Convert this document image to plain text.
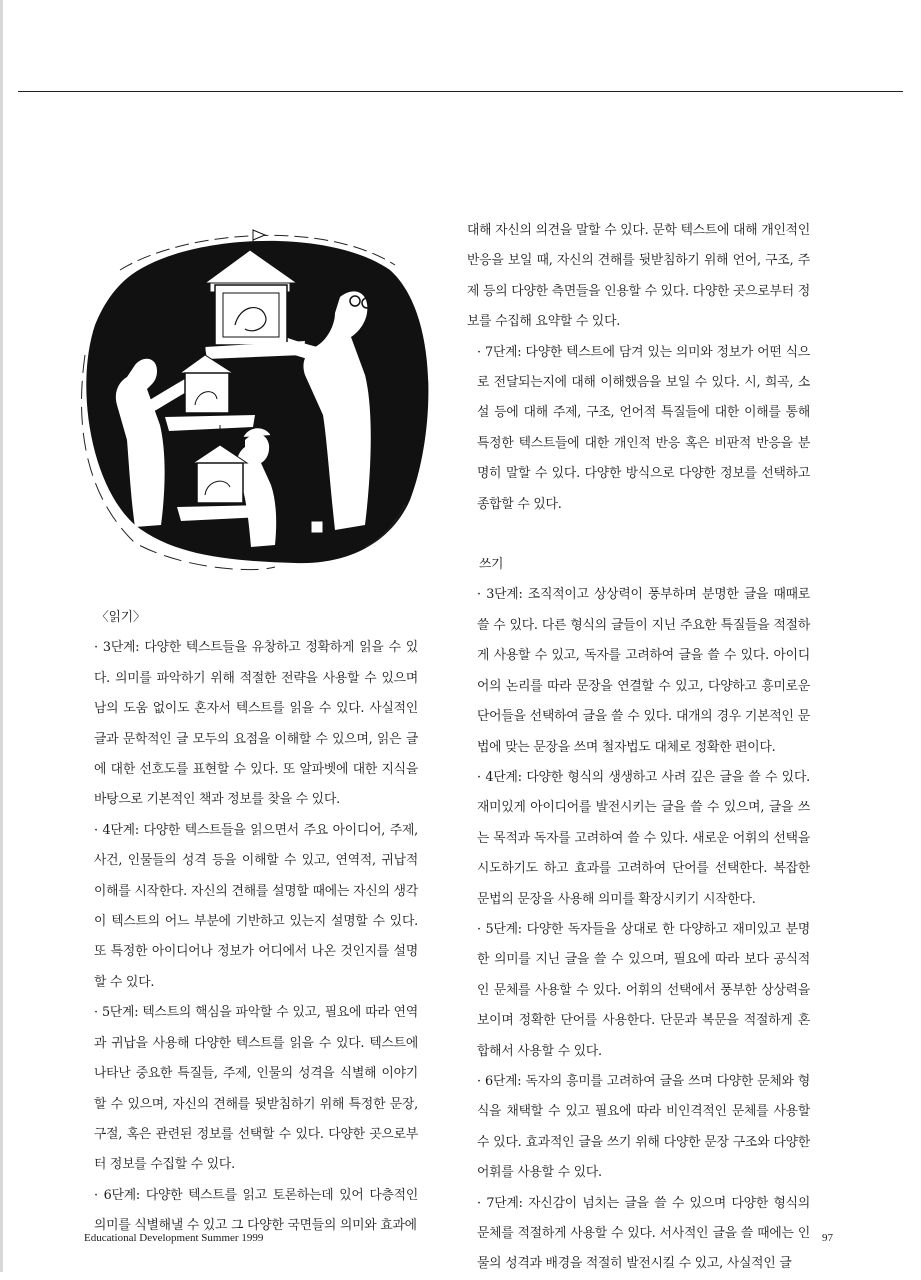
〈읽기〉

· 3단계: 다양한 텍스트들을 유창하고 정확하게 읽을 수 있다. 의미를 파악하기 위해 적절한 전략을 사용할 수 있으며 남의 도움 없이도 혼자서 텍스트를 읽을 수 있다. 사실적인 글과 문학적인 글 모두의 요점을 이해할 수 있으며, 읽은 글에 대한 선호도를 표현할 수 있다. 또 알파벳에 대한 지식을 바탕으로 기본적인 책과 정보를 찾을 수 있다.

· 4단계: 다양한 텍스트들을 읽으면서 주요 아이디어, 주제, 사건, 인물들의 성격 등을 이해할 수 있고, 연역적, 귀납적 이해를 시작한다. 자신의 견해를 설명할 때에는 자신의 생각이 텍스트의 어느 부분에 기반하고 있는지 설명할 수 있다. 또 특정한 아이디어나 정보가 어디에서 나온 것인지를 설명할 수 있다.

· 5단계: 텍스트의 핵심을 파악할 수 있고, 필요에 따라 연역과 귀납을 사용해 다양한 텍스트를 읽을 수 있다. 텍스트에 나타난 중요한 특질들, 주제, 인물의 성격을 식별해 이야기할 수 있으며, 자신의 견해를 뒷받침하기 위해 특정한 문장, 구절, 혹은 관련된 정보를 선택할 수 있다. 다양한 곳으로부터 정보를 수집할 수 있다.

· 6단계: 다양한 텍스트를 읽고 토론하는데 있어 다층적인 의미를 식별해낼 수 있고 그 다양한 국면들의 의미와 효과에

대해 자신의 의견을 말할 수 있다. 문학 텍스트에 대해 개인적인 반응을 보일 때, 자신의 견해를 뒷받침하기 위해 언어, 구조, 주제 등의 다양한 측면들을 인용할 수 있다. 다양한 곳으로부터 정보를 수집해 요약할 수 있다.

· 7단계: 다양한 텍스트에 담겨 있는 의미와 정보가 어떤 식으로 전달되는지에 대해 이해했음을 보일 수 있다. 시, 희곡, 소설 등에 대해 주제, 구조, 언어적 특질들에 대한 이해를 통해 특정한 텍스트들에 대한 개인적 반응 혹은 비판적 반응을 분명히 말할 수 있다. 다양한 방식으로 다양한 정보를 선택하고 종합할 수 있다.

쓰기

· 3단계: 조직적이고 상상력이 풍부하며 분명한 글을 때때로 쓸 수 있다. 다른 형식의 글들이 지닌 주요한 특질들을 적절하게 사용할 수 있고, 독자를 고려하여 글을 쓸 수 있다. 아이디어의 논리를 따라 문장을 연결할 수 있고, 다양하고 흥미로운 단어들을 선택하여 글을 쓸 수 있다. 대개의 경우 기본적인 문법에 맞는 문장을 쓰며 철자법도 대체로 정확한 편이다.

· 4단계: 다양한 형식의 생생하고 사려 깊은 글을 쓸 수 있다. 재미있게 아이디어를 발전시키는 글을 쓸 수 있으며, 글을 쓰는 목적과 독자를 고려하여 쓸 수 있다. 새로운 어휘의 선택을 시도하기도 하고 효과를 고려하여 단어를 선택한다. 복잡한 문법의 문장을 사용해 의미를 확장시키기 시작한다.

· 5단계: 다양한 독자들을 상대로 한 다양하고 재미있고 분명한 의미를 지닌 글을 쓸 수 있으며, 필요에 따라 보다 공식적인 문체를 사용할 수 있다. 어휘의 선택에서 풍부한 상상력을 보이며 정확한 단어를 사용한다. 단문과 복문을 적절하게 혼합해서 사용할 수 있다.

· 6단계: 독자의 흥미를 고려하여 글을 쓰며 다양한 문체와 형식을 채택할 수 있고 필요에 따라 비인격적인 문체를 사용할 수 있다. 효과적인 글을 쓰기 위해 다양한 문장 구조와 다양한 어휘를 사용할 수 있다.

· 7단계: 자신감이 넘치는 글을 쓸 수 있으며 다양한 형식의 문체를 적절하게 사용할 수 있다. 서사적인 글을 쓸 때에는 인물의 성격과 배경을 적절히 발전시킬 수 있고, 사실적인 글

Educational Development Summer 1999	97
